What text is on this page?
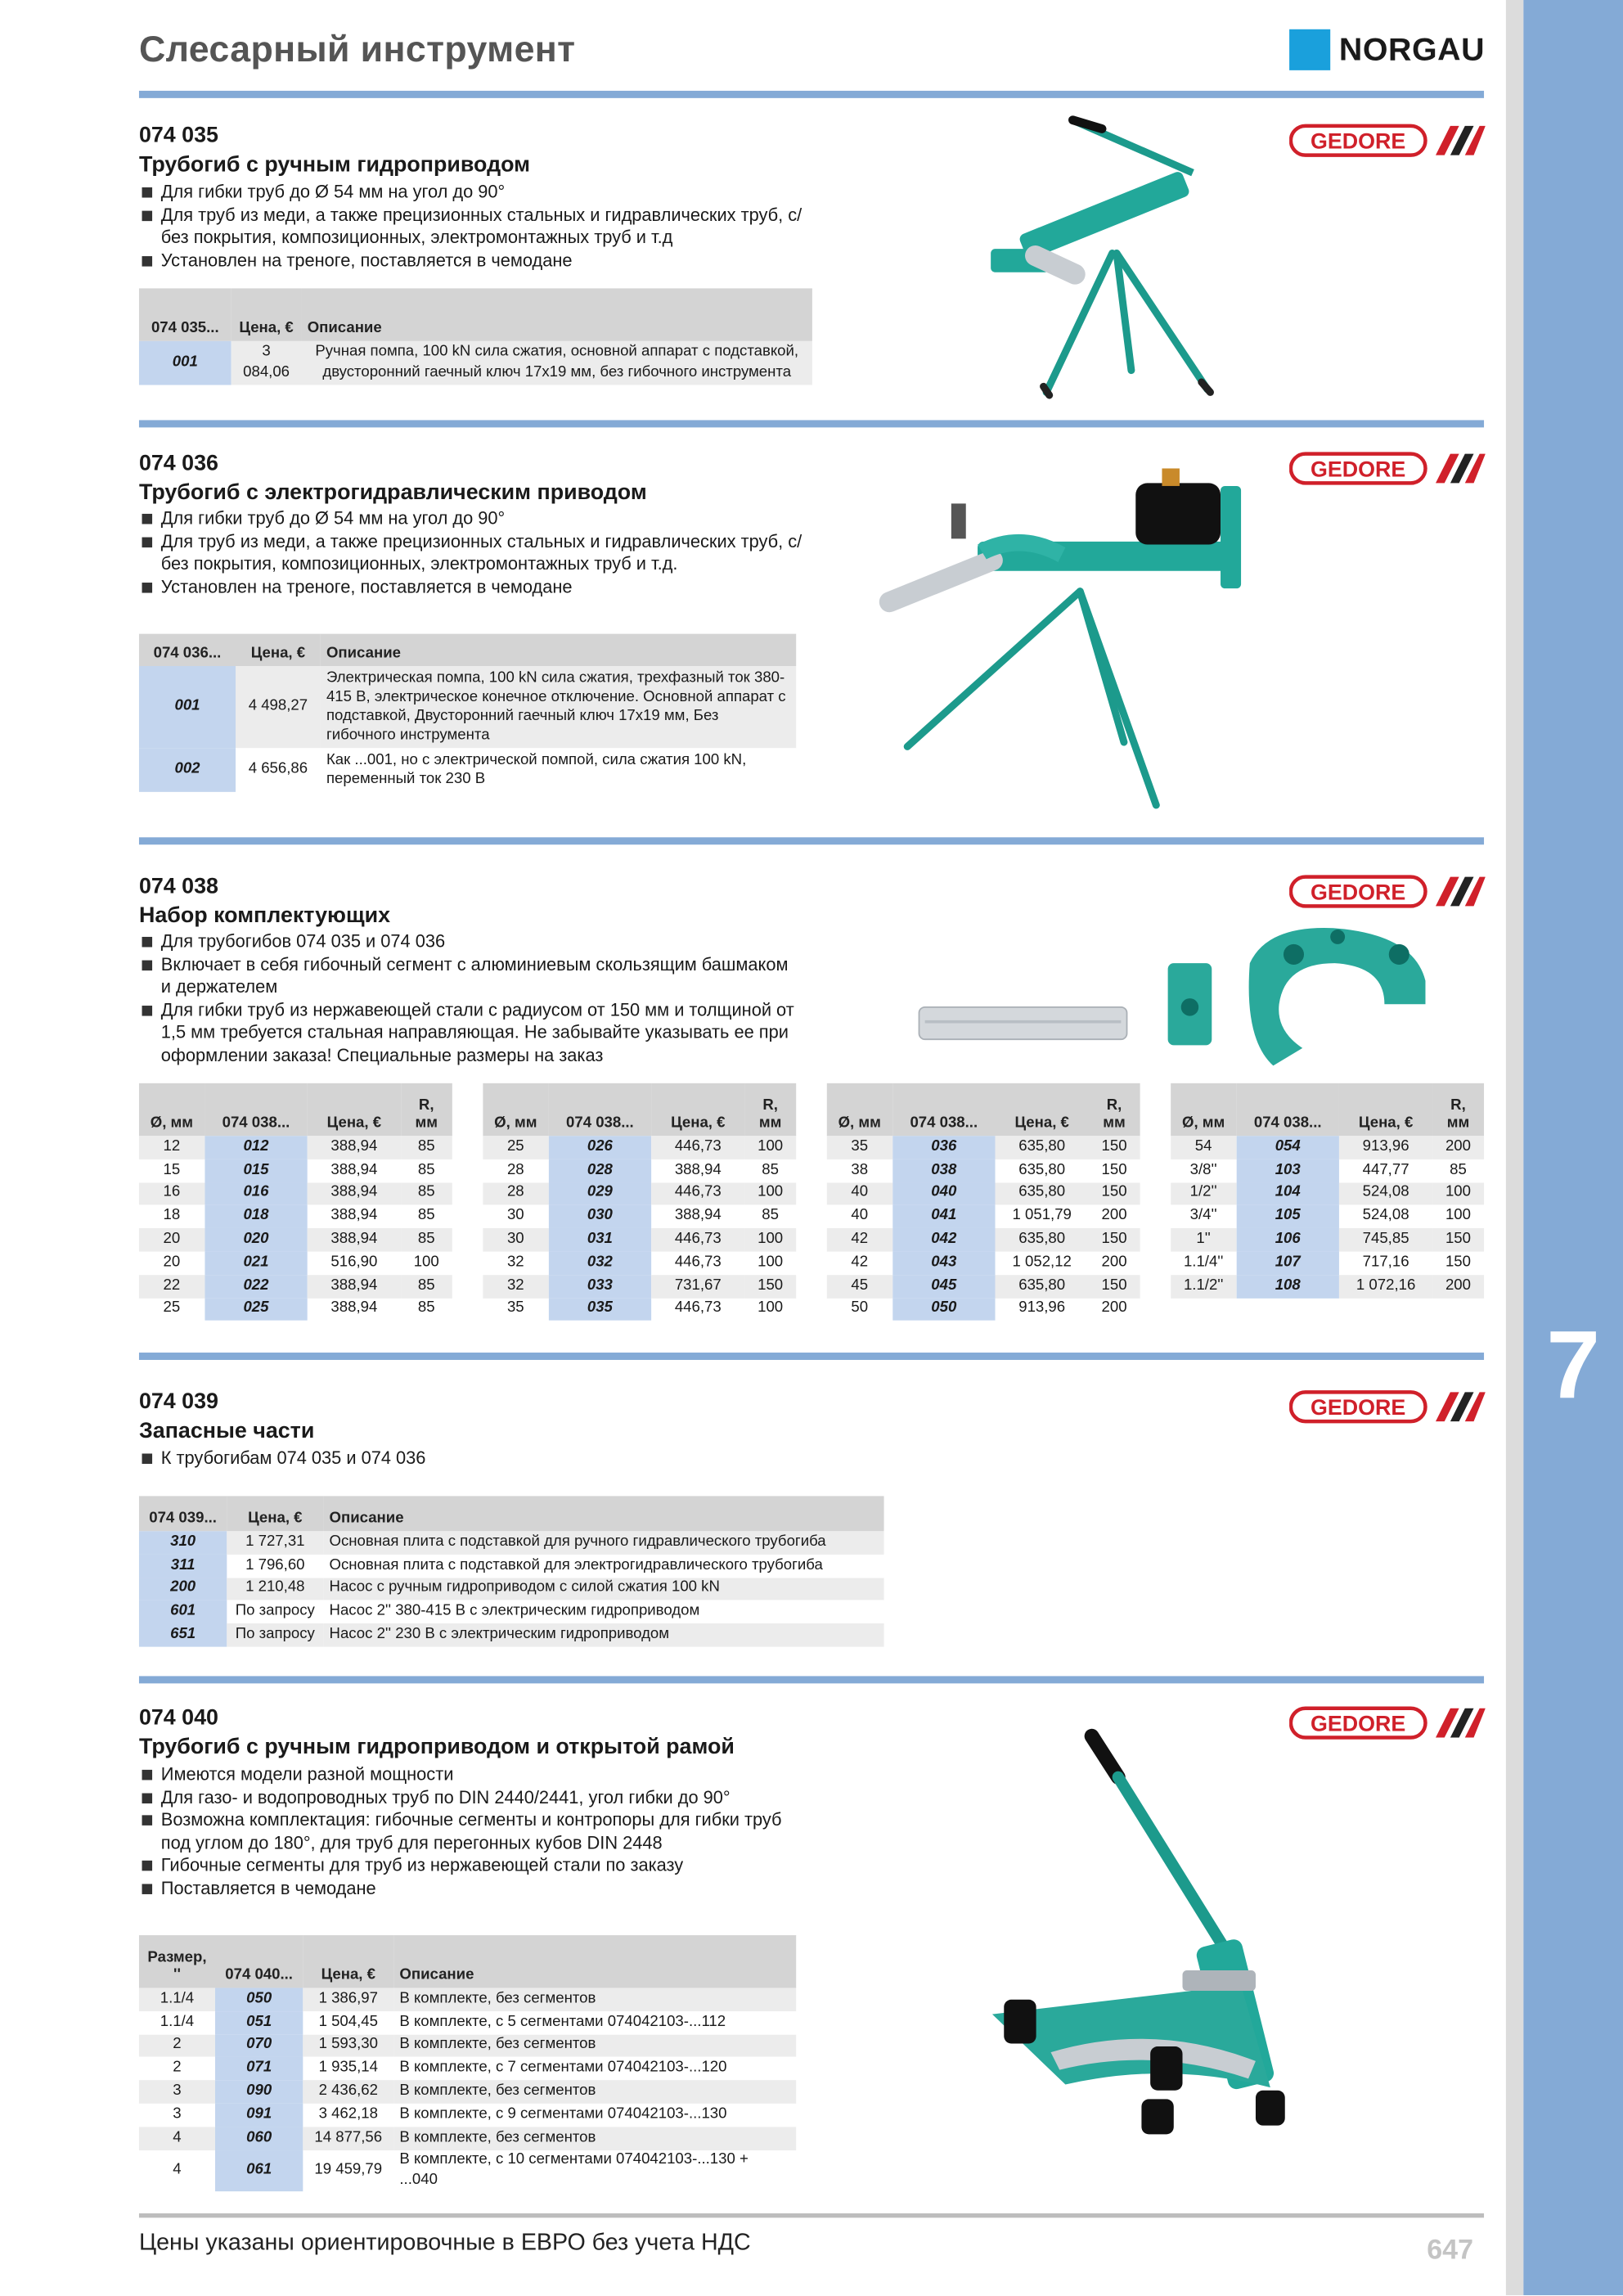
7
Слесарный инструмент	NORGAU
074 035
Трубогиб с ручным гидроприводом
Для гибки труб до Ø 54 мм на угол до 90°
Для труб из меди, а также прецизионных стальных и гидравлических труб, с/без покрытия, композиционных, электромонтажных труб и т.д
Установлен на треноге, поставляется в чемодане
074 035...	Цена, €	Описание
001	3 084,06	Ручная помпа, 100 kN сила сжатия, основной аппарат с подставкой, двусторонний гаечный ключ 17x19 мм, без гибочного инструмента
GEDORE
074 036
Трубогиб с электрогидравлическим приводом
Для гибки труб до Ø 54 мм на угол до 90°
Для труб из меди, а также прецизионных стальных и гидравлических труб, с/без покрытия, композиционных, электромонтажных труб и т.д.
Установлен на треноге, поставляется в чемодане
074 036...	Цена, €	Описание
001	4 498,27	Электрическая помпа, 100 kN сила сжатия, трехфазный ток 380-415 В, электрическое конечное отключение. Основной аппарат с подставкой, Двусторонний гаечный ключ 17x19 мм, Без гибочного инструмента
002	4 656,86	Как ...001, но с электрической помпой, сила сжатия 100 kN, переменный ток 230 В
GEDORE
074 038
Набор комплектующих
Для трубогибов 074 035 и 074 036
Включает в себя гибочный сегмент с алюминиевым скользящим башмаком и держателем
Для гибки труб из нержавеющей стали с радиусом от 150 мм и толщиной от 1,5 мм требуется стальная направляющая. Не забывайте указывать ее при оформлении заказа! Специальные размеры на заказ
GEDORE
Ø, мм	074 038...	Цена, €	R, мм
12	012	388,94	85
15	015	388,94	85
16	016	388,94	85
18	018	388,94	85
20	020	388,94	85
20	021	516,90	100
22	022	388,94	85
25	025	388,94	85
Ø, мм	074 038...	Цена, €	R, мм
25	026	446,73	100
28	028	388,94	85
28	029	446,73	100
30	030	388,94	85
30	031	446,73	100
32	032	446,73	100
32	033	731,67	150
35	035	446,73	100
Ø, мм	074 038...	Цена, €	R, мм
35	036	635,80	150
38	038	635,80	150
40	040	635,80	150
40	041	1 051,79	200
42	042	635,80	150
42	043	1 052,12	200
45	045	635,80	150
50	050	913,96	200
Ø, мм	074 038...	Цена, €	R, мм
54	054	913,96	200
3/8''	103	447,77	85
1/2''	104	524,08	100
3/4''	105	524,08	100
1''	106	745,85	150
1.1/4''	107	717,16	150
1.1/2''	108	1 072,16	200
074 039
Запасные части
К трубогибам 074 035 и 074 036
GEDORE
074 039...	Цена, €	Описание
310	1 727,31	Основная плита с подставкой для ручного гидравлического трубогиба
311	1 796,60	Основная плита с подставкой для электрогидравлического трубогиба
200	1 210,48	Насос с ручным гидроприводом с силой сжатия 100 kN
601	По запросу	Насос 2'' 380-415 В с электрическим гидроприводом
651	По запросу	Насос 2'' 230 В с электрическим гидроприводом
074 040
Трубогиб с ручным гидроприводом и открытой рамой
Имеются модели разной мощности
Для газо- и водопроводных труб по DIN 2440/2441, угол гибки до 90°
Возможна комплектация: гибочные сегменты и контропоры для гибки труб под углом до 180°, для труб для перегонных кубов DIN 2448
Гибочные сегменты для труб из нержавеющей стали по заказу
Поставляется в чемодане
GEDORE
Размер, ''	074 040...	Цена, €	Описание
1.1/4	050	1 386,97	В комплекте, без сегментов
1.1/4	051	1 504,45	В комплекте, с 5 сегментами 074042103-...112
2	070	1 593,30	В комплекте, без сегментов
2	071	1 935,14	В комплекте, с 7 сегментами 074042103-...120
3	090	2 436,62	В комплекте, без сегментов
3	091	3 462,18	В комплекте, с 9 сегментами 074042103-...130
4	060	14 877,56	В комплекте, без сегментов
4	061	19 459,79	В комплекте, с 10 сегментами 074042103-...130 + ...040
Цены указаны ориентировочные в ЕВРО без учета НДС	647
